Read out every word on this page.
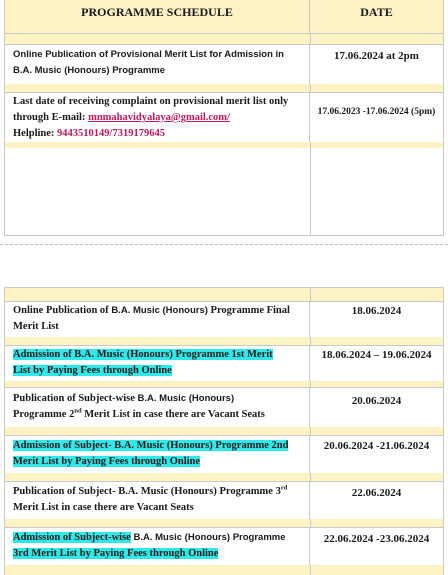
PROGRAMME SCHEDULE	DATE
Online Publication of Provisional Merit List for Admission in
B.A. Music (Honours) Programme
17.06.2024 at 2pm
Last date of receiving complaint on provisional merit list only
through E-mail: mnmahavidyalaya@gmail.com/
Helpline: 9443510149/7319179645
17.06.2023 -17.06.2024 (5pm)
Online Publication of B.A. Music (Honours) Programme Final
Merit List
18.06.2024
Admission of B.A. Music (Honours) Programme 1st Merit
List by Paying Fees through Online
18.06.2024 – 19.06.2024
Publication of Subject-wise B.A. Music (Honours)
Programme 2nd Merit List in case there are Vacant Seats
20.06.2024
Admission of Subject- B.A. Music (Honours) Programme 2nd
Merit List by Paying Fees through Online
20.06.2024 -21.06.2024
Publication of Subject- B.A. Music (Honours) Programme 3rd
Merit List in case there are Vacant Seats
22.06.2024
Admission of Subject-wise B.A. Music (Honours) Programme
3rd Merit List by Paying Fees through Online
22.06.2024 -23.06.2024
